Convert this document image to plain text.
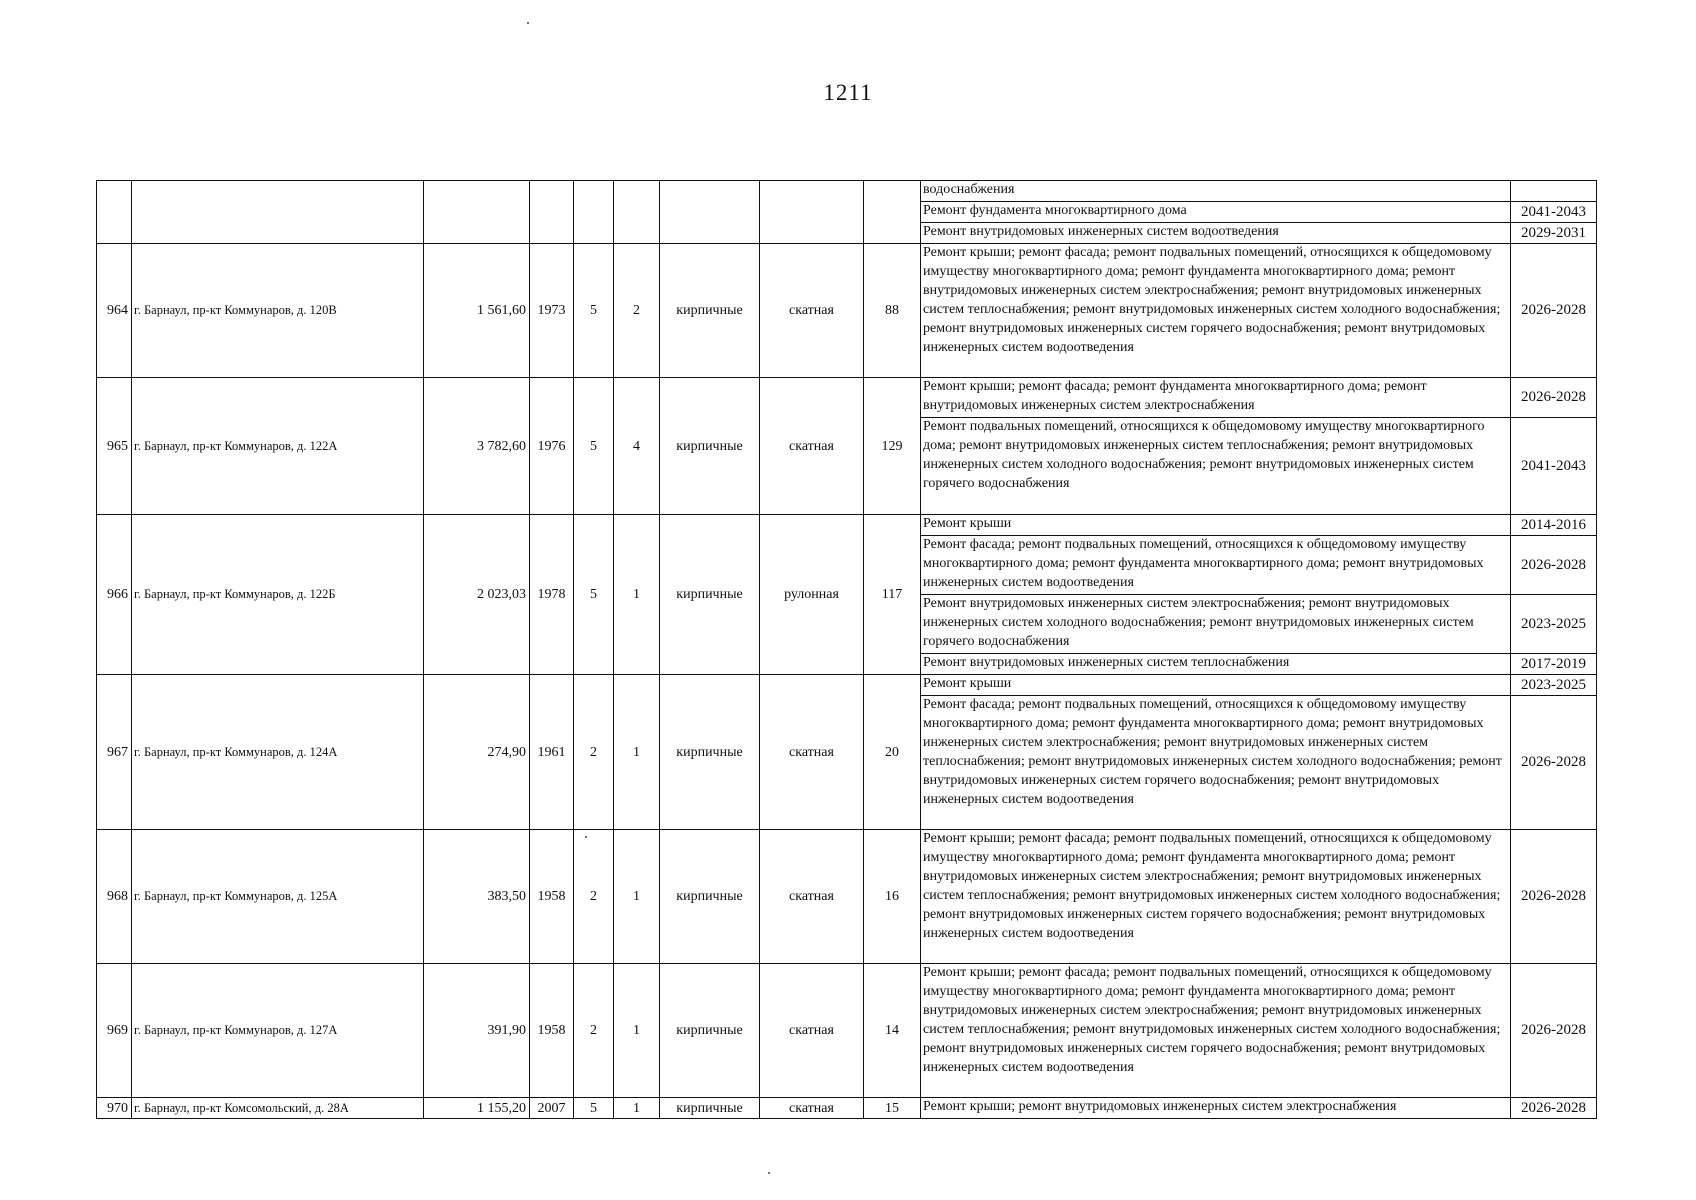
1211
									водоснабжения	
									Ремонт фундамента многоквартирного дома	2041-2043
									Ремонт внутридомовых инженерных систем водоотведения	2029-2031
964	г. Барнаул, пр-кт Коммунаров, д. 120В	1 561,60	1973	5	2	кирпичные	скатная	88	Ремонт крыши; ремонт фасада; ремонт подвальных помещений, относящихся к общедомовому имуществу многоквартирного дома; ремонт фундамента многоквартирного дома; ремонт внутридомовых инженерных систем электроснабжения; ремонт внутридомовых инженерных систем теплоснабжения; ремонт внутридомовых инженерных систем холодного водоснабжения; ремонт внутридомовых инженерных систем горячего водоснабжения; ремонт внутридомовых инженерных систем водоотведения	2026-2028
965	г. Барнаул, пр-кт Коммунаров, д. 122А	3 782,60	1976	5	4	кирпичные	скатная	129	Ремонт крыши; ремонт фасада; ремонт фундамента многоквартирного дома; ремонт внутридомовых инженерных систем электроснабжения	2026-2028
									Ремонт подвальных помещений, относящихся к общедомовому имуществу многоквартирного дома; ремонт внутридомовых инженерных систем теплоснабжения; ремонт внутридомовых инженерных систем холодного водоснабжения; ремонт внутридомовых инженерных систем горячего водоснабжения	2041-2043
966	г. Барнаул, пр-кт Коммунаров, д. 122Б	2 023,03	1978	5	1	кирпичные	рулонная	117	Ремонт крыши	2014-2016
									Ремонт фасада; ремонт подвальных помещений, относящихся к общедомовому имуществу многоквартирного дома; ремонт фундамента многоквартирного дома; ремонт внутридомовых инженерных систем водоотведения	2026-2028
									Ремонт внутридомовых инженерных систем электроснабжения; ремонт внутридомовых инженерных систем холодного водоснабжения; ремонт внутридомовых инженерных систем горячего водоснабжения	2023-2025
									Ремонт внутридомовых инженерных систем теплоснабжения	2017-2019
967	г. Барнаул, пр-кт Коммунаров, д. 124А	274,90	1961	2	1	кирпичные	скатная	20	Ремонт крыши	2023-2025
									Ремонт фасада; ремонт подвальных помещений, относящихся к общедомовому имуществу многоквартирного дома; ремонт фундамента многоквартирного дома; ремонт внутридомовых инженерных систем электроснабжения; ремонт внутридомовых инженерных систем теплоснабжения; ремонт внутридомовых инженерных систем холодного водоснабжения; ремонт внутридомовых инженерных систем горячего водоснабжения; ремонт внутридомовых инженерных систем водоотведения	2026-2028
968	г. Барнаул, пр-кт Коммунаров, д. 125А	383,50	1958	2	1	кирпичные	скатная	16	Ремонт крыши; ремонт фасада; ремонт подвальных помещений, относящихся к общедомовому имуществу многоквартирного дома; ремонт фундамента многоквартирного дома; ремонт внутридомовых инженерных систем электроснабжения; ремонт внутридомовых инженерных систем теплоснабжения; ремонт внутридомовых инженерных систем холодного водоснабжения; ремонт внутридомовых инженерных систем горячего водоснабжения; ремонт внутридомовых инженерных систем водоотведения	2026-2028
969	г. Барнаул, пр-кт Коммунаров, д. 127А	391,90	1958	2	1	кирпичные	скатная	14	Ремонт крыши; ремонт фасада; ремонт подвальных помещений, относящихся к общедомовому имуществу многоквартирного дома; ремонт фундамента многоквартирного дома; ремонт внутридомовых инженерных систем электроснабжения; ремонт внутридомовых инженерных систем теплоснабжения; ремонт внутридомовых инженерных систем холодного водоснабжения; ремонт внутридомовых инженерных систем горячего водоснабжения; ремонт внутридомовых инженерных систем водоотведения	2026-2028
970	г. Барнаул, пр-кт Комсомольский, д. 28А	1 155,20	2007	5	1	кирпичные	скатная	15	Ремонт крыши; ремонт внутридомовых инженерных систем электроснабжения	2026-2028
